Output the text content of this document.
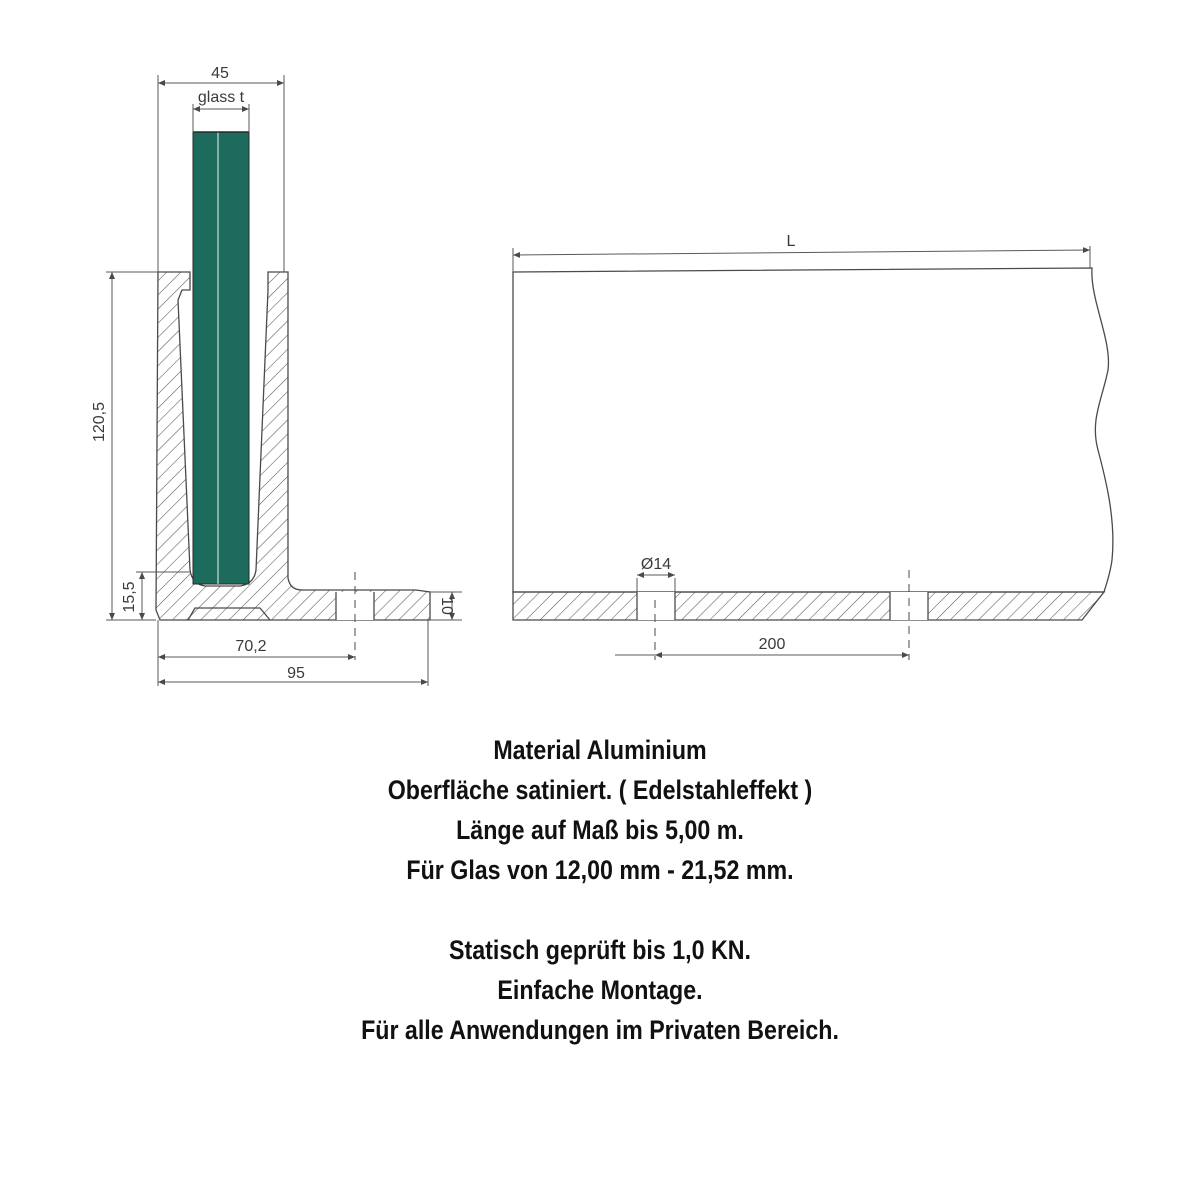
45
glass t
120,5
15,5	10
70,2
95
L
Ø14
200
Material Aluminium
Oberfläche satiniert. ( Edelstahleffekt )
Länge auf Maß bis 5,00 m.
Für Glas von 12,00 mm - 21,52 mm.
Statisch geprüft bis 1,0 KN.
Einfache Montage.
Für alle Anwendungen im Privaten Bereich.
